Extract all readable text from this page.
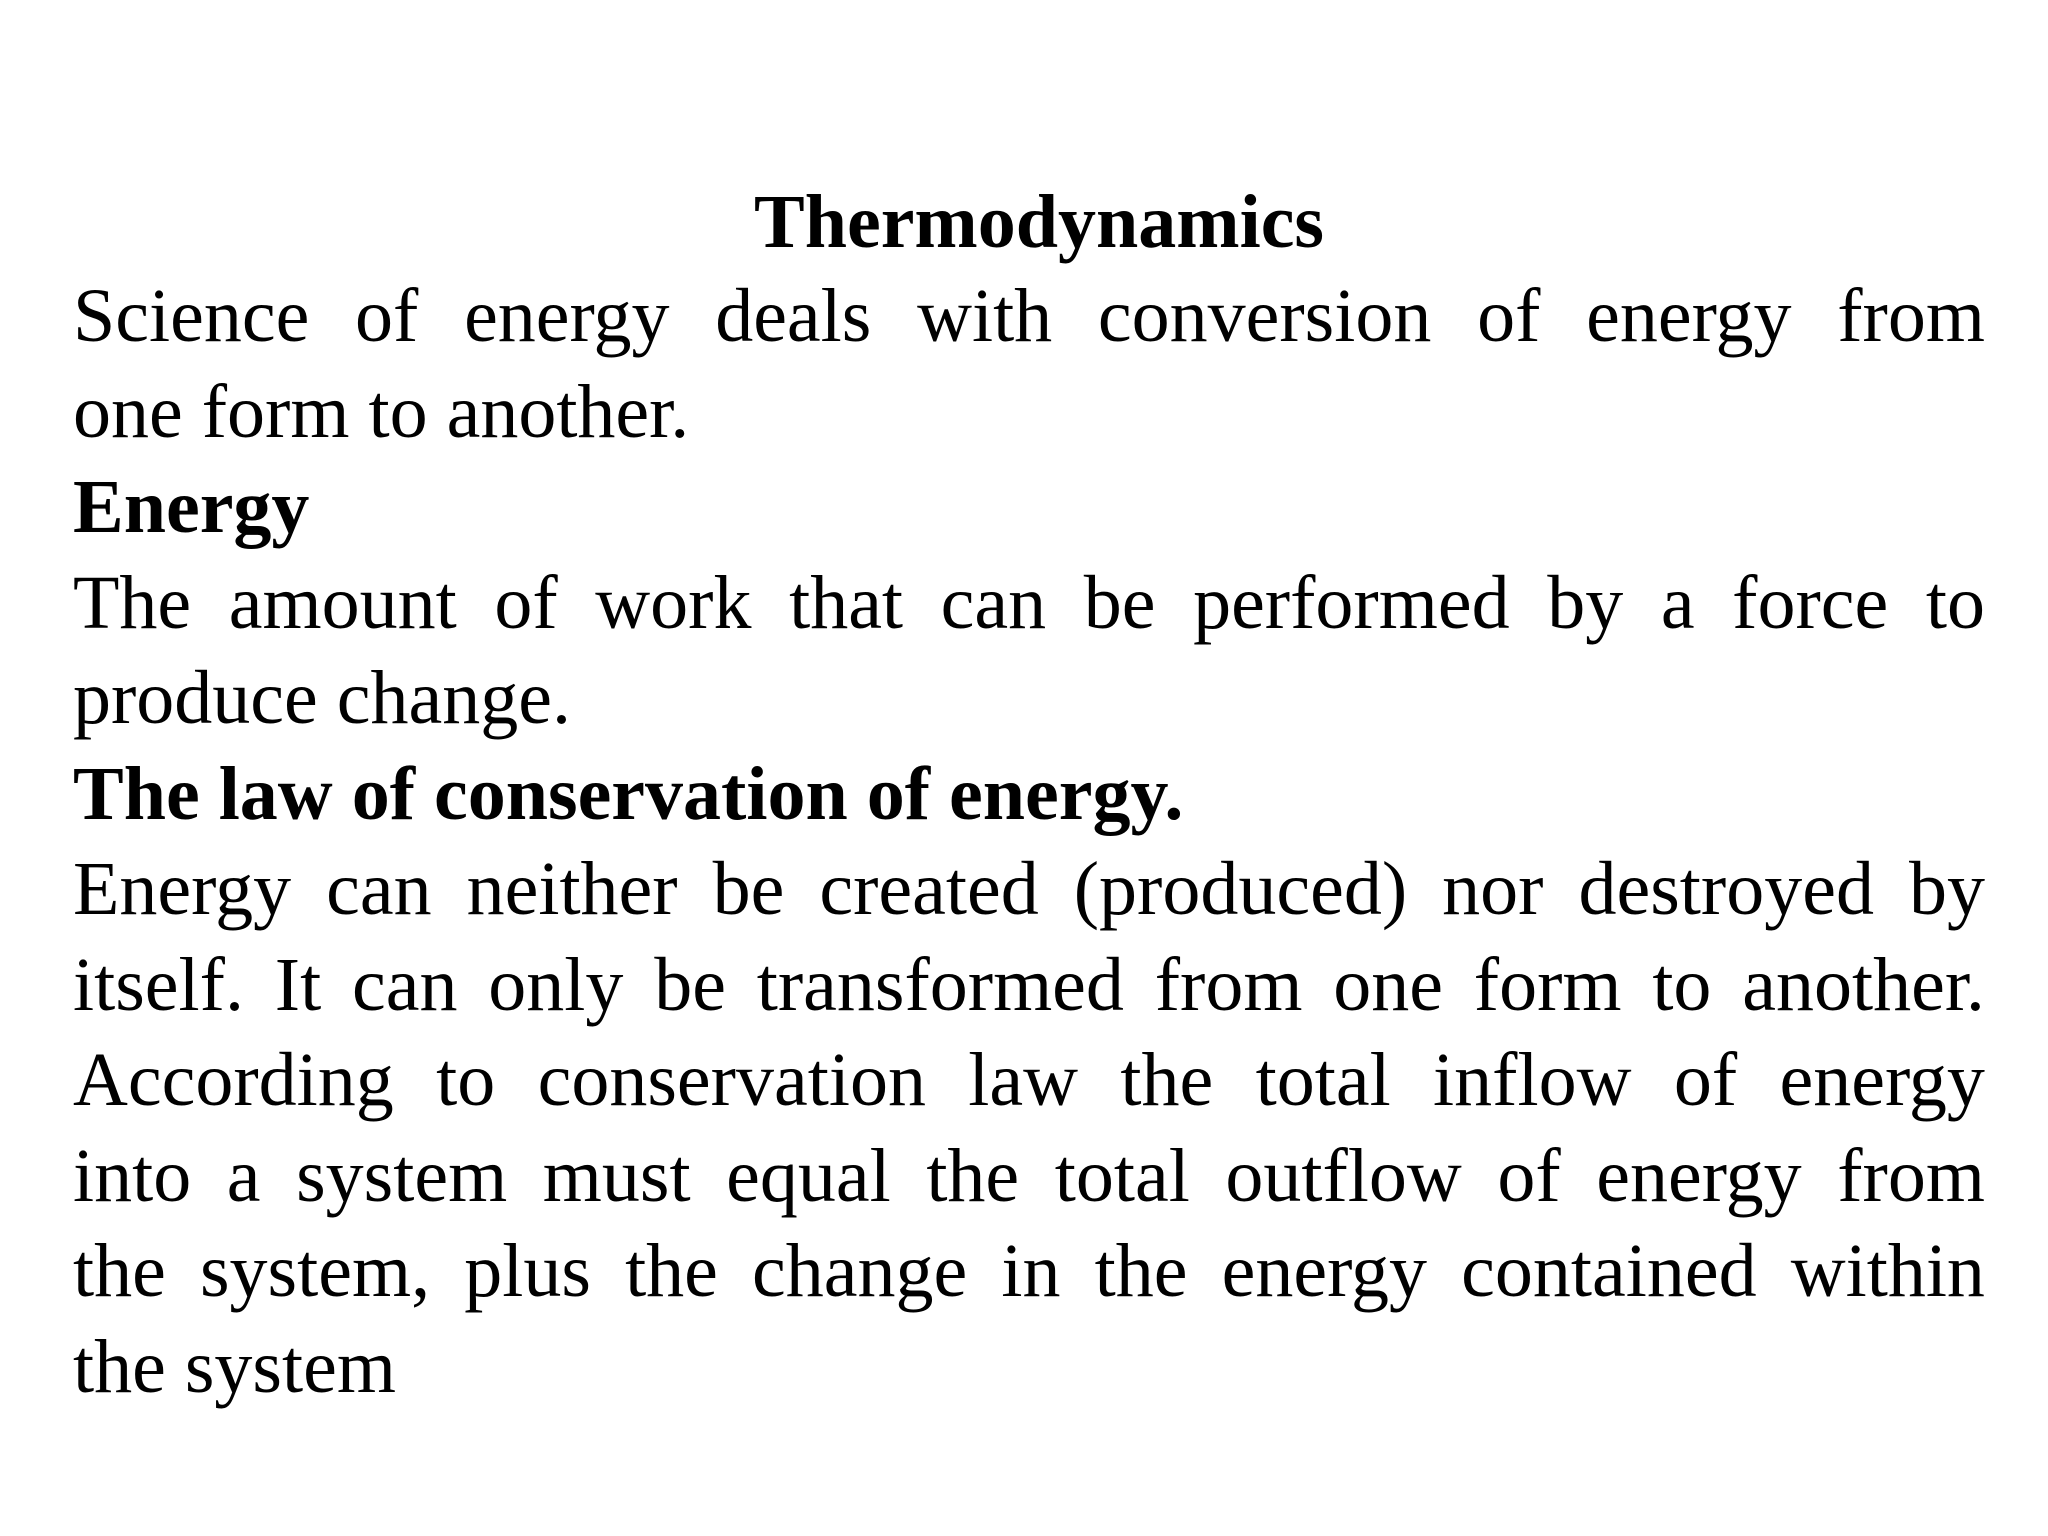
Thermodynamics

Science of energy deals with conversion of energy from

one form to another.

Energy

The amount of work that can be performed by a force to

produce change.

The law of conservation of energy.

Energy can neither be created (produced) nor destroyed by
itself. It can only be transformed from one form to another.
According to conservation law the total inflow of energy
into a system must equal the total outflow of energy from
the system, plus the change in the energy contained within

the system
